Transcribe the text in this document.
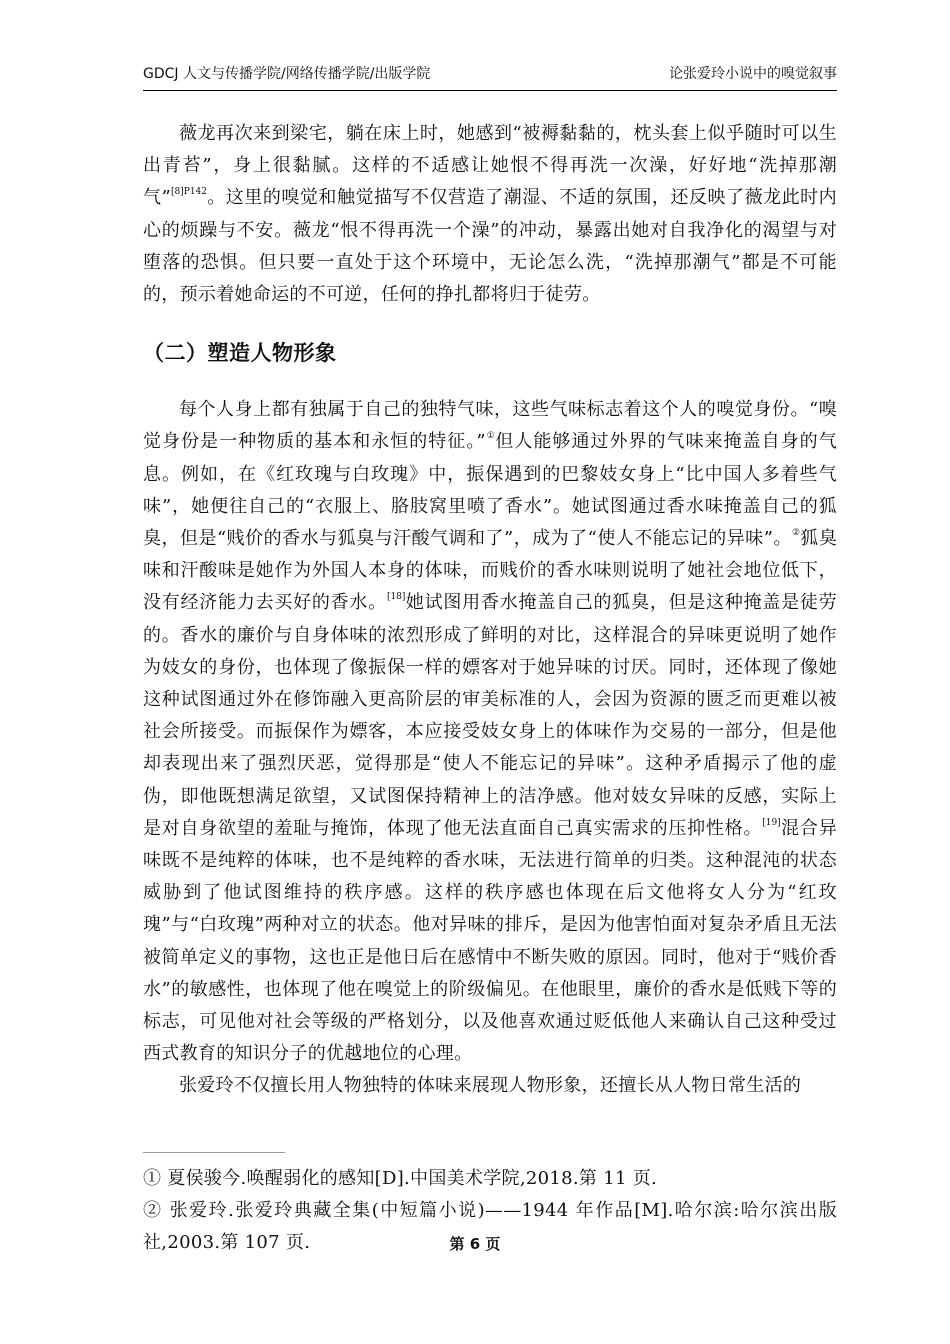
GDCJ 人文与传播学院/网络传播学院/出版学院	论张爱玲小说中的嗅觉叙事

薇龙再次来到梁宅，躺在床上时，她感到“被褥黏黏的，枕头套上似乎随时可以生出青苔”，身上很黏腻。这样的不适感让她恨不得再洗一次澡，好好地“洗掉那潮气”$^{[8]P142}$。这里的嗅觉和触觉描写不仅营造了潮湿、不适的氛围，还反映了薇龙此时内心的烦躁与不安。薇龙“恨不得再洗一个澡”的冲动，暴露出她对自我净化的渴望与对堕落的恐惧。但只要一直处于这个环境中，无论怎么洗，“洗掉那潮气”都是不可能的，预示着她命运的不可逆，任何的挣扎都将归于徒劳。

（二）塑造人物形象

每个人身上都有独属于自己的独特气味，这些气味标志着这个人的嗅觉身份。“嗅觉身份是一种物质的基本和永恒的特征。”①但人能够通过外界的气味来掩盖自身的气息。例如，在《红玫瑰与白玫瑰》中，振保遇到的巴黎妓女身上“比中国人多着些气味”，她便往自己的“衣服上、胳肢窝里喷了香水”。她试图通过香水味掩盖自己的狐臭，但是“贱价的香水与狐臭与汗酸气调和了”，成为了“使人不能忘记的异味”。②狐臭味和汗酸味是她作为外国人本身的体味，而贱价的香水味则说明了她社会地位低下，没有经济能力去买好的香水。[18]她试图用香水掩盖自己的狐臭，但是这种掩盖是徒劳的。香水的廉价与自身体味的浓烈形成了鲜明的对比，这样混合的异味更说明了她作为妓女的身份，也体现了像振保一样的嫖客对于她异味的讨厌。同时，还体现了像她这种试图通过外在修饰融入更高阶层的审美标准的人，会因为资源的匮乏而更难以被社会所接受。而振保作为嫖客，本应接受妓女身上的体味作为交易的一部分，但是他却表现出来了强烈厌恶，觉得那是“使人不能忘记的异味”。这种矛盾揭示了他的虚伪，即他既想满足欲望，又试图保持精神上的洁净感。他对妓女异味的反感，实际上是对自身欲望的羞耻与掩饰，体现了他无法直面自己真实需求的压抑性格。[19]混合异味既不是纯粹的体味，也不是纯粹的香水味，无法进行简单的归类。这种混沌的状态威胁到了他试图维持的秩序感。这样的秩序感也体现在后文他将女人分为“红玫瑰”与“白玫瑰”两种对立的状态。他对异味的排斥，是因为他害怕面对复杂矛盾且无法被简单定义的事物，这也正是他日后在感情中不断失败的原因。同时，他对于“贱价香水”的敏感性，也体现了他在嗅觉上的阶级偏见。在他眼里，廉价的香水是低贱下等的标志，可见他对社会等级的严格划分，以及他喜欢通过贬低他人来确认自己这种受过西式教育的知识分子的优越地位的心理。

张爱玲不仅擅长用人物独特的体味来展现人物形象，还擅长从人物日常生活的

① 夏侯骏今.唤醒弱化的感知[D].中国美术学院,2018.第 11 页.

② 张爱玲.张爱玲典藏全集(中短篇小说)——1944 年作品[M].哈尔滨:哈尔滨出版社,2003.第 107 页.	第 6 页
